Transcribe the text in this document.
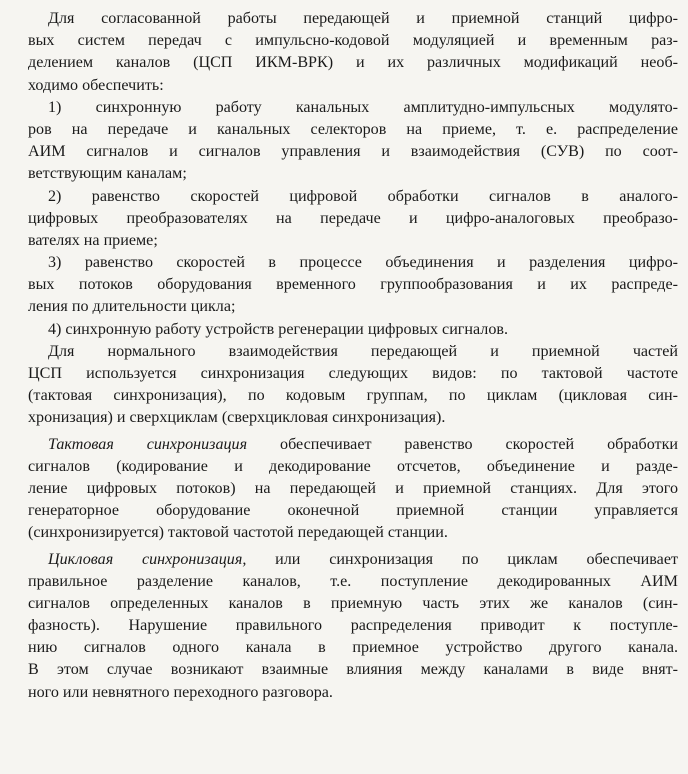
Для согласованной работы передающей и приемной станций цифро-
вых систем передач с импульсно-кодовой модуляцией и временным раз-
делением каналов (ЦСП ИКМ-ВРК) и их различных модификаций необ-
ходимо обеспечить:
1) синхронную работу канальных амплитудно-импульсных модулято-
ров на передаче и канальных селекторов на приеме, т. е. распределение
АИМ сигналов и сигналов управления и взаимодействия (СУВ) по соот-
ветствующим каналам;
2) равенство скоростей цифровой обработки сигналов в аналого-
цифровых преобразователях на передаче и цифро-аналоговых преобразо-
вателях на приеме;
3) равенство скоростей в процессе объединения и разделения цифро-
вых потоков оборудования временного группообразования и их распреде-
ления по длительности цикла;
4) синхронную работу устройств регенерации цифровых сигналов.
Для нормального взаимодействия передающей и приемной частей
ЦСП используется синхронизация следующих видов: по тактовой частоте
(тактовая синхронизация), по кодовым группам, по циклам (цикловая син-
хронизация) и сверхциклам (сверхцикловая синхронизация).
Тактовая синхронизация обеспечивает равенство скоростей обработки
сигналов (кодирование и декодирование отсчетов, объединение и разде-
ление цифровых потоков) на передающей и приемной станциях. Для этого
генераторное оборудование оконечной приемной станции управляется
(синхронизируется) тактовой частотой передающей станции.
Цикловая синхронизация, или синхронизация по циклам обеспечивает
правильное разделение каналов, т.е. поступление декодированных АИМ
сигналов определенных каналов в приемную часть этих же каналов (син-
фазность). Нарушение правильного распределения приводит к поступле-
нию сигналов одного канала в приемное устройство другого канала.
В этом случае возникают взаимные влияния между каналами в виде внят-
ного или невнятного переходного разговора.
